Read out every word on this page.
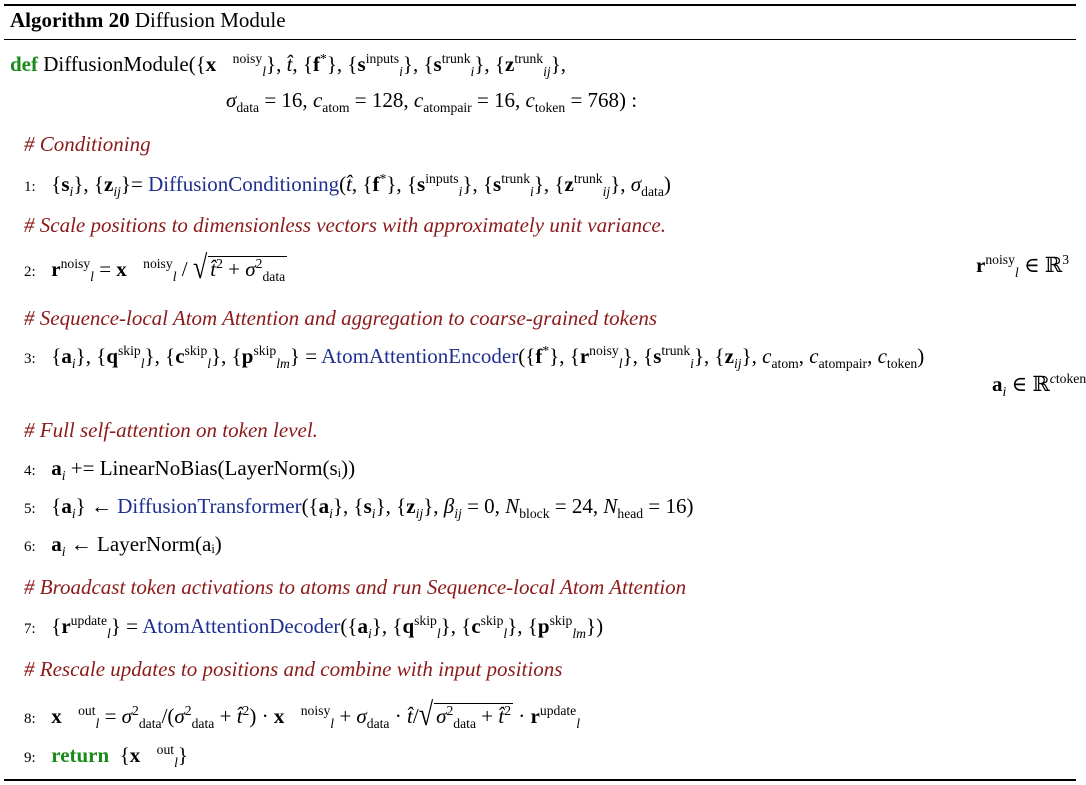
Algorithm 20 Diffusion Module
def DiffusionModule({x⃗$^{noisy}_l$}, t̂, {f*}, $\{s^{inputs}_i\}$, $\{s^{trunk}_i\}$, $\{z^{trunk}_{ij}\}$,
$\sigma_{data} = 16$, $c_{atom} = 128$, $c_{atompair} = 16$, $c_{token} = 768$) :
# Conditioning
1: $\{s_i\}$, $\{z_{ij}\}=$ DiffusionConditioning(t̂, {f*}, $\{s^{inputs}_i\}$, $\{s^{trunk}_i\}$, $\{z^{trunk}_{ij}\}$, $\sigma_{data}$)
# Scale positions to dimensionless vectors with approximately unit variance.
2: $r^{noisy}_l$ = x⃗$^{noisy}_l$ / √ t̂$^2$ + $\sigma^2_{data}$	$r^{noisy}_l$ ∈ ℝ$^3$
# Sequence-local Atom Attention and aggregation to coarse-grained tokens
3: $\{a_i\}$, $\{q^{skip}_l\}$, $\{c^{skip}_l\}$, $\{p^{skip}_{lm}\}$ = AtomAttentionEncoder({f*}, $\{r^{noisy}_l\}$, $\{s^{trunk}_i\}$, $\{z_{ij}\}$, $c_{atom}$, $c_{atompair}$, $c_{token}$)
$a_i$ ∈ ℝ$^{ctoken}$
# Full self-attention on token level.
4: $a_i$ += LinearNoBias(LayerNorm(sᵢ))
5: $\{a_i\}$ ← $DiffusionTransformer(\{a_i\}$, $\{s_i\}$, $\{z_{ij}\}$, $\beta_{ij} = 0$, $N_{block} = 24$, $N_{head} = 16$)
6: $a_i$ ← LayerNorm(aᵢ)
# Broadcast token activations to atoms and run Sequence-local Atom Attention
7: $\{r^{update}_l\}$ = $AtomAttentionDecoder(\{a_i\}$, $\{q^{skip}_l\}$, $\{c^{skip}_l\}$, $\{p^{skip}_{lm}\}$)
# Rescale updates to positions and combine with input positions
8: x⃗$^{out}_l$ = $\sigma^2_{data}/(\sigma^2_{data}$ + t̂$^2$) · x⃗$^{noisy}_l$ + $\sigma_{data}$ · t̂/√ $\sigma^2_{data}$ + t̂$^2$ · $r^{update}_l$
9: return  {x⃗$^{out}_l$}
